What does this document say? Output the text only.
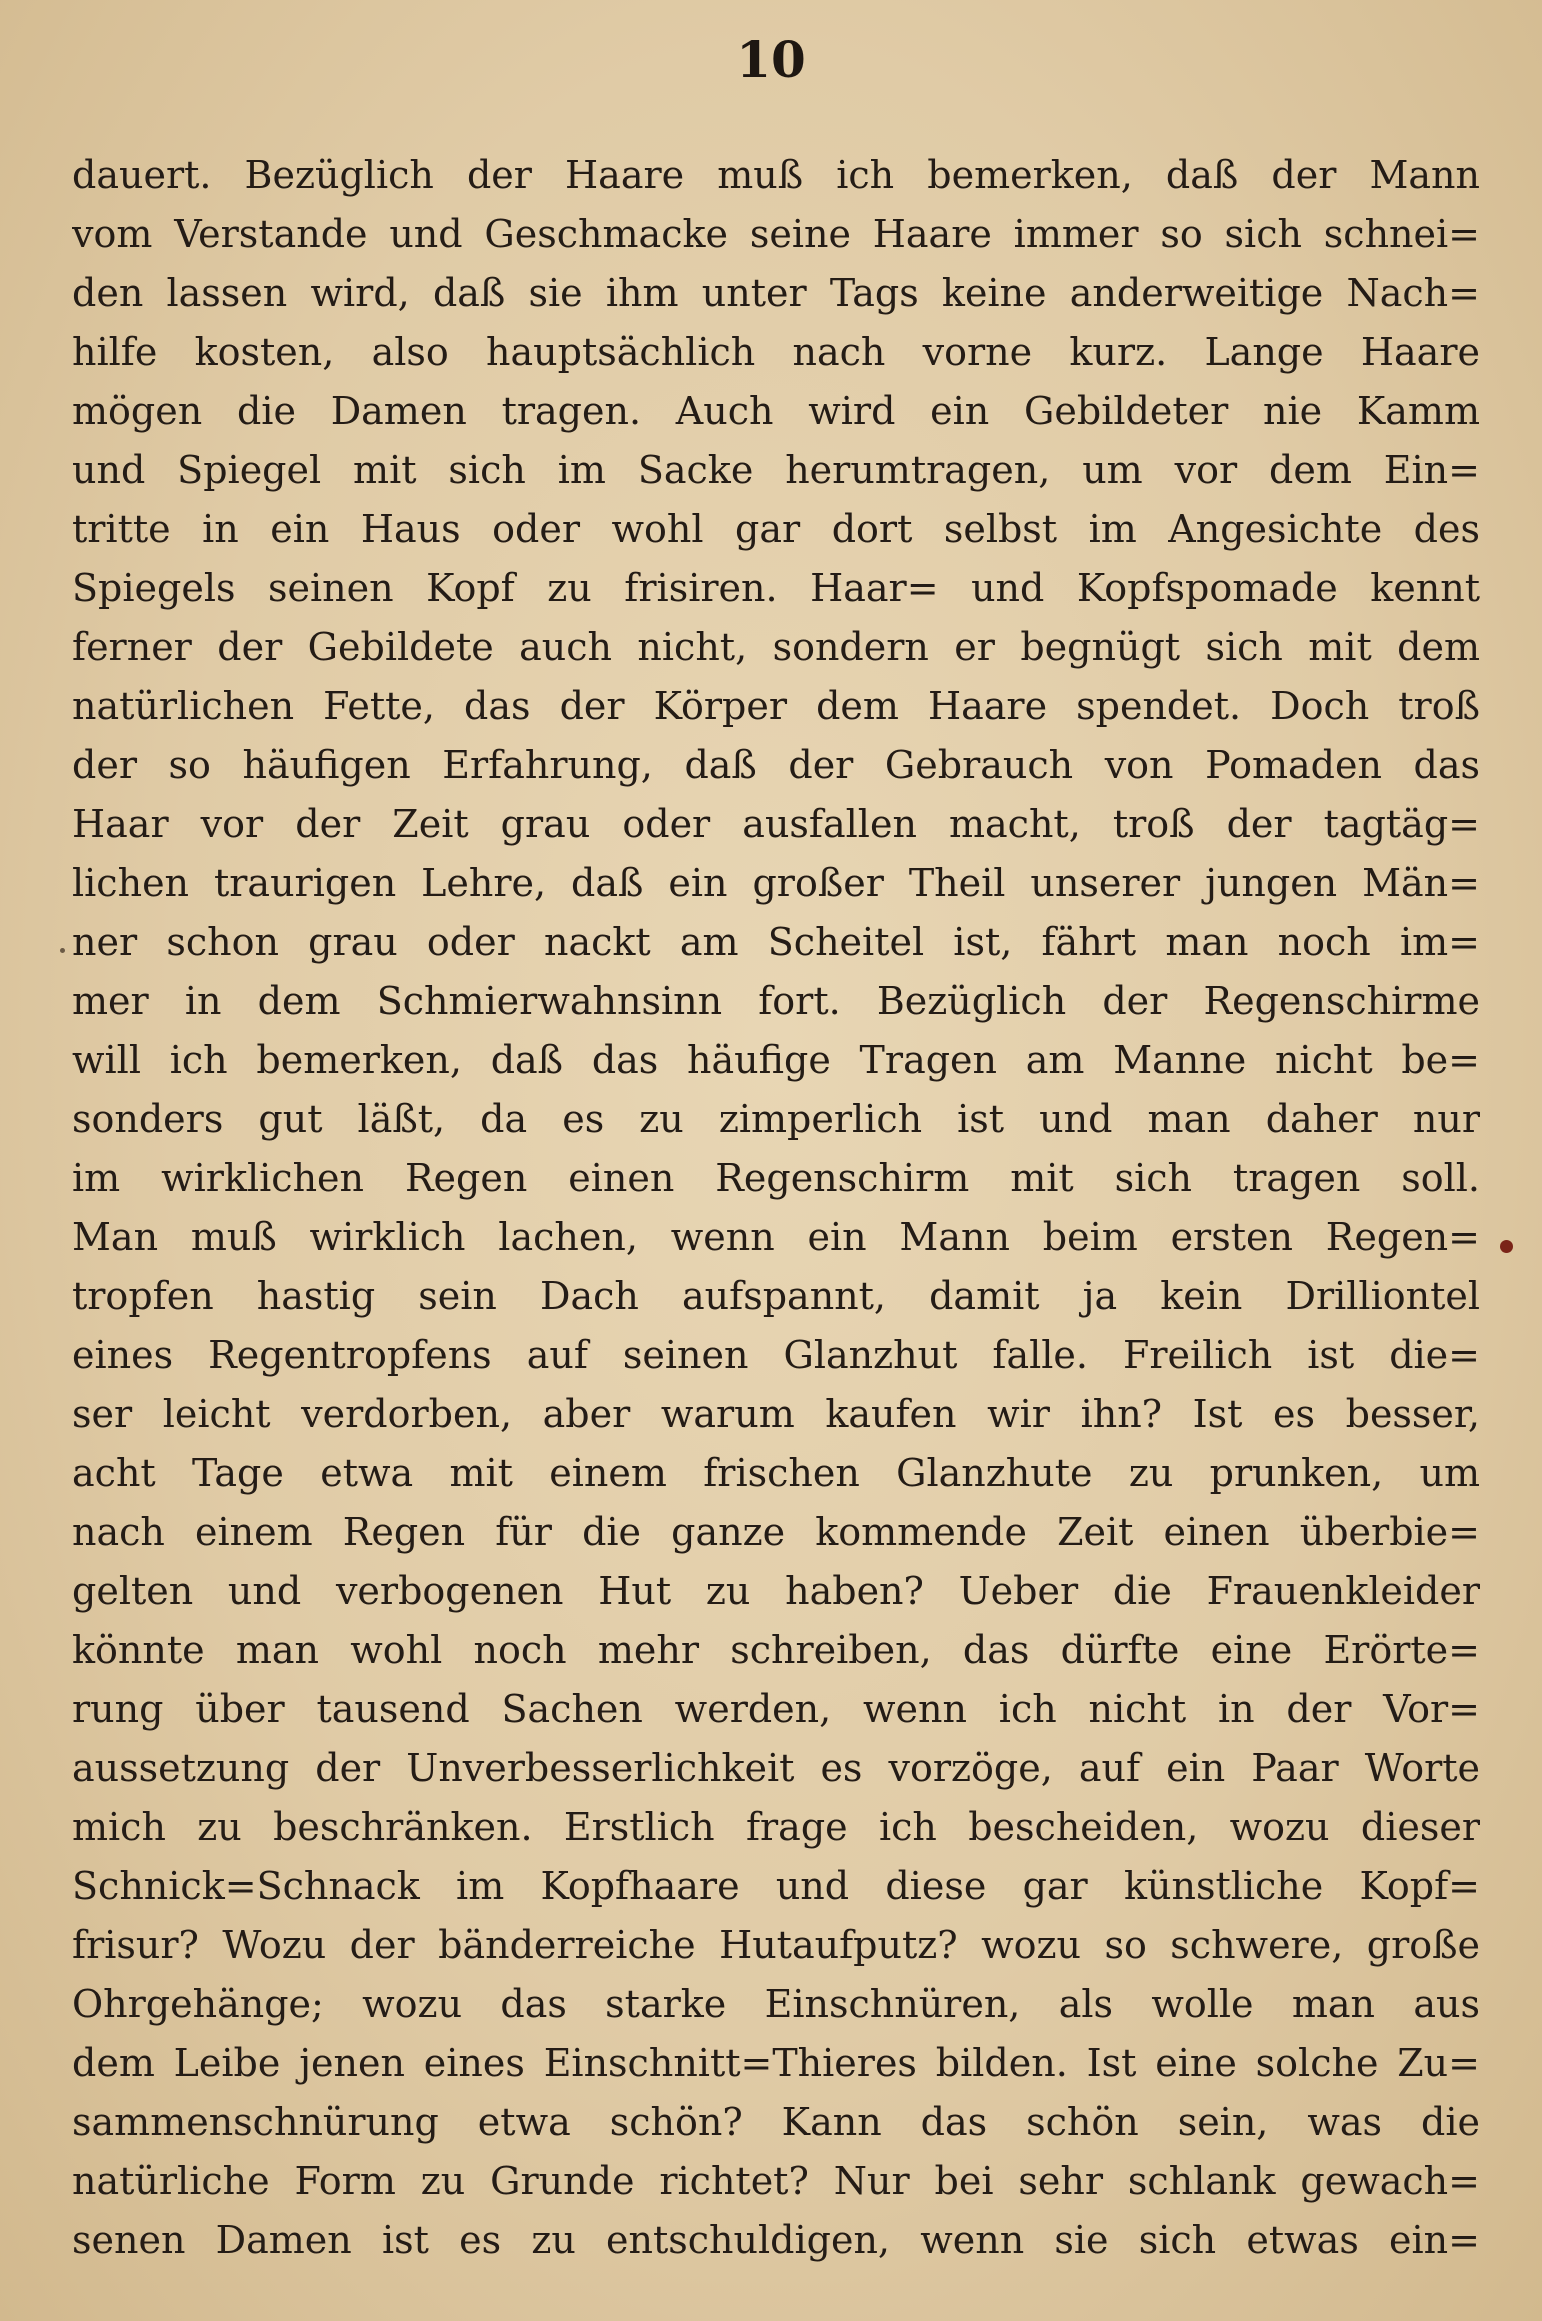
10
dauert. Bezüglich der Haare muß ich bemerken, daß der Mann
vom Verstande und Geschmacke seine Haare immer so sich schnei=
den lassen wird, daß sie ihm unter Tags keine anderweitige Nach=
hilfe kosten, also hauptsächlich nach vorne kurz. Lange Haare
mögen die Damen tragen. Auch wird ein Gebildeter nie Kamm
und Spiegel mit sich im Sacke herumtragen, um vor dem Ein=
tritte in ein Haus oder wohl gar dort selbst im Angesichte des
Spiegels seinen Kopf zu frisiren. Haar= und Kopfspomade kennt
ferner der Gebildete auch nicht, sondern er begnügt sich mit dem
natürlichen Fette, das der Körper dem Haare spendet. Doch troß
der so häufigen Erfahrung, daß der Gebrauch von Pomaden das
Haar vor der Zeit grau oder ausfallen macht, troß der tagtäg=
lichen traurigen Lehre, daß ein großer Theil unserer jungen Män=
ner schon grau oder nackt am Scheitel ist, fährt man noch im=
mer in dem Schmierwahnsinn fort. Bezüglich der Regenschirme
will ich bemerken, daß das häufige Tragen am Manne nicht be=
sonders gut läßt, da es zu zimperlich ist und man daher nur
im wirklichen Regen einen Regenschirm mit sich tragen soll.
Man muß wirklich lachen, wenn ein Mann beim ersten Regen=
tropfen hastig sein Dach aufspannt, damit ja kein Drilliontel
eines Regentropfens auf seinen Glanzhut falle. Freilich ist die=
ser leicht verdorben, aber warum kaufen wir ihn? Ist es besser,
acht Tage etwa mit einem frischen Glanzhute zu prunken, um
nach einem Regen für die ganze kommende Zeit einen überbie=
gelten und verbogenen Hut zu haben? Ueber die Frauenkleider
könnte man wohl noch mehr schreiben, das dürfte eine Erörte=
rung über tausend Sachen werden, wenn ich nicht in der Vor=
aussetzung der Unverbesserlichkeit es vorzöge, auf ein Paar Worte
mich zu beschränken. Erstlich frage ich bescheiden, wozu dieser
Schnick=Schnack im Kopfhaare und diese gar künstliche Kopf=
frisur? Wozu der bänderreiche Hutaufputz? wozu so schwere, große
Ohrgehänge; wozu das starke Einschnüren, als wolle man aus
dem Leibe jenen eines Einschnitt=Thieres bilden. Ist eine solche Zu=
sammenschnürung etwa schön? Kann das schön sein, was die
natürliche Form zu Grunde richtet? Nur bei sehr schlank gewach=
senen Damen ist es zu entschuldigen, wenn sie sich etwas ein=
